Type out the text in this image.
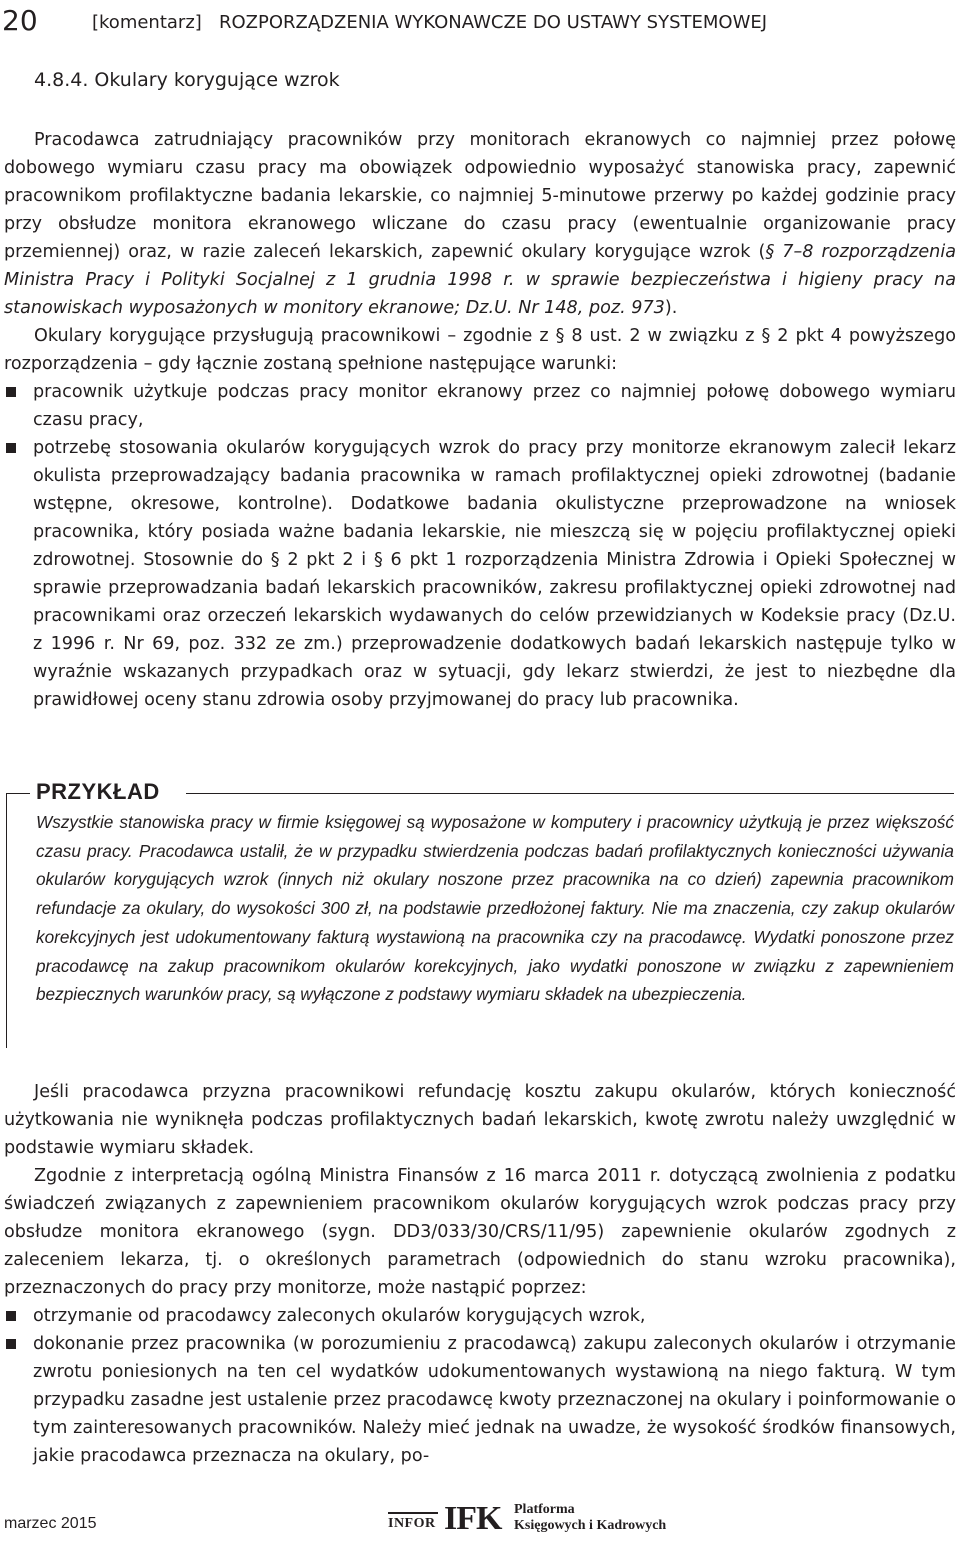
20	[komentarz]   ROZPORZĄDZENIA WYKONAWCZE DO USTAWY SYSTEMOWEJ
4.8.4. Okulary korygujące wzrok

Pracodawca zatrudniający pracowników przy monitorach ekranowych co najmniej przez połowę dobowego wymiaru czasu pracy ma obowiązek odpowiednio wyposażyć stanowiska pracy, zapewnić pracownikom profilaktyczne badania lekarskie, co najmniej 5-minutowe przerwy po każdej godzinie pracy przy obsłudze monitora ekranowego wliczane do czasu pracy (ewentualnie organizowanie pracy przemiennej) oraz, w razie zaleceń lekarskich, zapewnić okulary korygujące wzrok (§ 7–8 rozporządzenia Ministra Pracy i Polityki Socjalnej z 1 grudnia 1998 r. w sprawie bezpieczeństwa i higieny pracy na stanowiskach wyposażonych w monitory ekranowe; Dz.U. Nr 148, poz. 973).

Okulary korygujące przysługują pracownikowi – zgodnie z § 8 ust. 2 w związku z § 2 pkt 4 powyższego rozporządzenia – gdy łącznie zostaną spełnione następujące warunki:

pracownik użytkuje podczas pracy monitor ekranowy przez co najmniej połowę dobowego wymiaru czasu pracy,
potrzebę stosowania okularów korygujących wzrok do pracy przy monitorze ekranowym zalecił lekarz okulista przeprowadzający badania pracownika w ramach profilaktycznej opieki zdrowotnej (badanie wstępne, okresowe, kontrolne). Dodatkowe badania okulistyczne przeprowadzone na wniosek pracownika, który posiada ważne badania lekarskie, nie mieszczą się w pojęciu profilaktycznej opieki zdrowotnej. Stosownie do § 2 pkt 2 i § 6 pkt 1 rozporządzenia Ministra Zdrowia i Opieki Społecznej w sprawie przeprowadzania badań lekarskich pracowników, zakresu profilaktycznej opieki zdrowotnej nad pracownikami oraz orzeczeń lekarskich wydawanych do celów przewidzianych w Kodeksie pracy (Dz.U. z 1996 r. Nr 69, poz. 332 ze zm.) przeprowadzenie dodatkowych badań lekarskich następuje tylko w wyraźnie wskazanych przypadkach oraz w sytuacji, gdy lekarz stwierdzi, że jest to niezbędne dla prawidłowej oceny stanu zdrowia osoby przyjmowanej do pracy lub pracownika.
PRZYKŁAD
Wszystkie stanowiska pracy w firmie księgowej są wyposażone w komputery i pracownicy użytkują je przez większość czasu pracy. Pracodawca ustalił, że w przypadku stwierdzenia podczas badań profilaktycznych konieczności używania okularów korygujących wzrok (innych niż okulary noszone przez pracownika na co dzień) zapewnia pracownikom refundacje za okulary, do wysokości 300 zł, na podstawie przedłożonej faktury. Nie ma znaczenia, czy zakup okularów korekcyjnych jest udokumentowany fakturą wystawioną na pracownika czy na pracodawcę. Wydatki ponoszone przez pracodawcę na zakup pracownikom okularów korekcyjnych, jako wydatki ponoszone w związku z zapewnieniem bezpiecznych warunków pracy, są wyłączone z podstawy wymiaru składek na ubezpieczenia.

Jeśli pracodawca przyzna pracownikowi refundację kosztu zakupu okularów, których konieczność użytkowania nie wyniknęła podczas profilaktycznych badań lekarskich, kwotę zwrotu należy uwzględnić w podstawie wymiaru składek.

Zgodnie z interpretacją ogólną Ministra Finansów z 16 marca 2011 r. dotyczącą zwolnienia z podatku świadczeń związanych z zapewnieniem pracownikom okularów korygujących wzrok podczas pracy przy obsłudze monitora ekranowego (sygn. DD3/033/30/CRS/11/95) zapewnienie okularów zgodnych z zaleceniem lekarza, tj. o określonych parametrach (odpowiednich do stanu wzroku pracownika), przeznaczonych do pracy przy monitorze, może nastąpić poprzez:

otrzymanie od pracodawcy zaleconych okularów korygujących wzrok,
dokonanie przez pracownika (w porozumieniu z pracodawcą) zakupu zaleconych okularów i otrzymanie zwrotu poniesionych na ten cel wydatków udokumentowanych wystawioną na niego fakturą. W tym przypadku zasadne jest ustalenie przez pracodawcę kwoty przeznaczonej na okulary i poinformowanie o tym zainteresowanych pracowników. Należy mieć jednak na uwadze, że wysokość środków finansowych, jakie pracodawca przeznacza na okulary, po-
marzec 2015	INFOR IFK Platforma
Księgowych i Kadrowych
